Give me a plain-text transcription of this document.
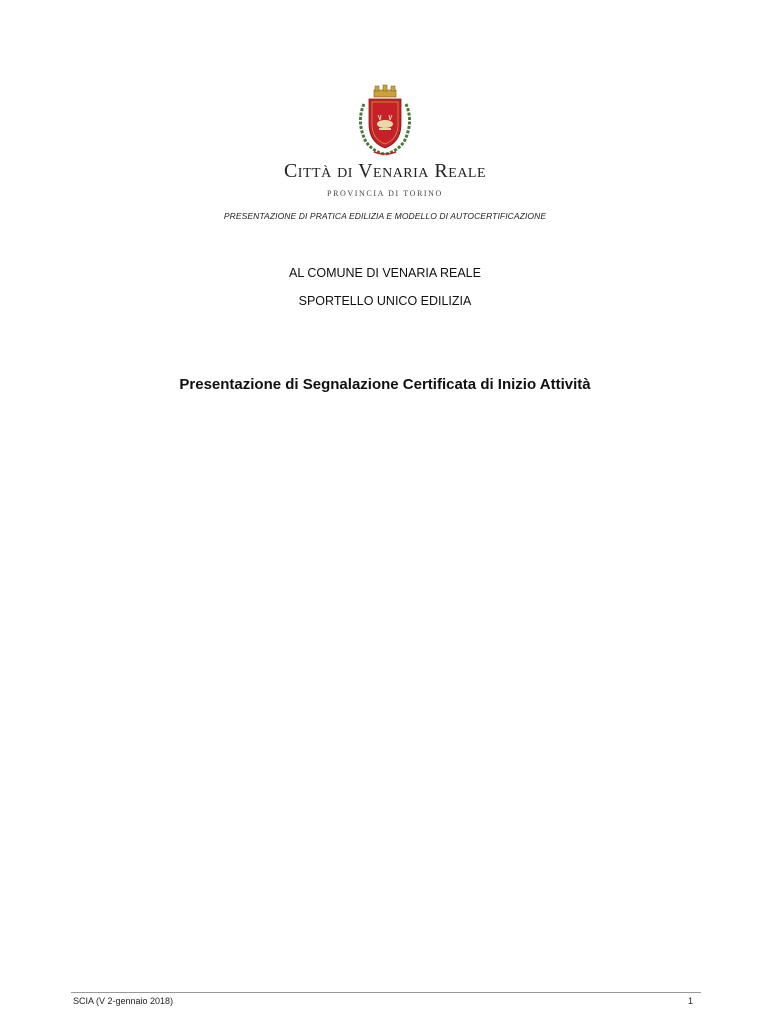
Città di Venaria Reale
PROVINCIA DI TORINO
PRESENTAZIONE DI PRATICA EDILIZIA E MODELLO DI AUTOCERTIFICAZIONE
AL COMUNE DI VENARIA REALE
SPORTELLO UNICO EDILIZIA
Presentazione di Segnalazione Certificata di Inizio Attività
SCIA (V 2-gennaio 2018)	1
